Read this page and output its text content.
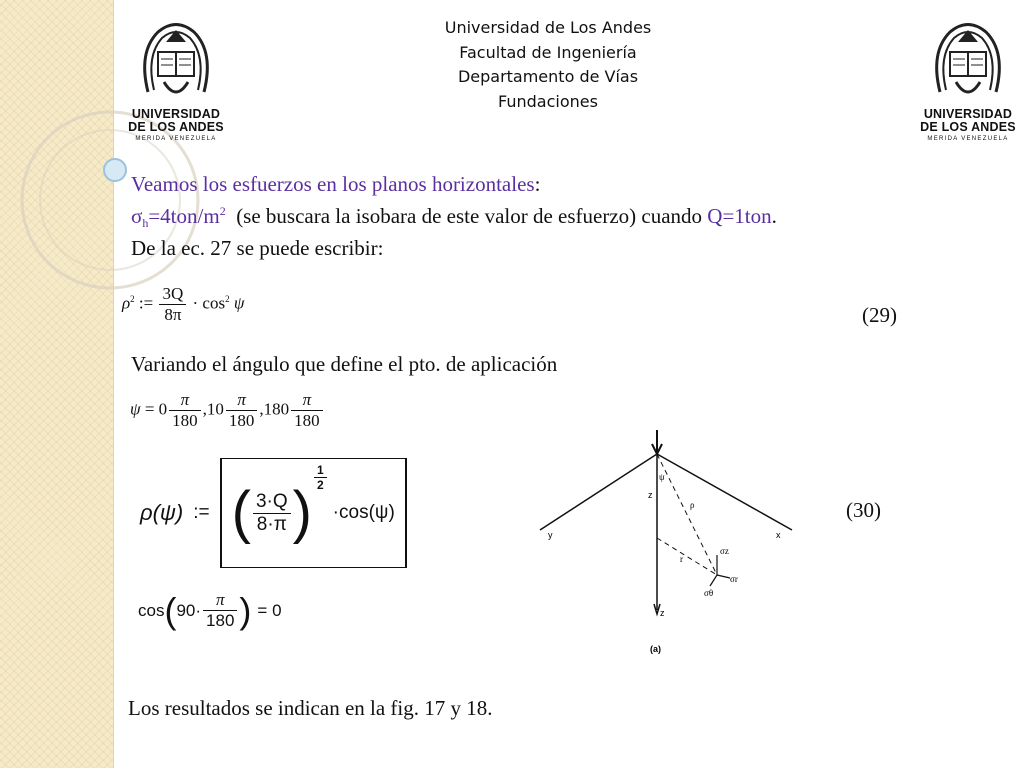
UNIVERSIDAD
DE LOS ANDES
MERIDA VENEZUELA
UNIVERSIDAD
DE LOS ANDES
MERIDA VENEZUELA
Universidad de Los Andes
Facultad de Ingeniería
Departamento de Vías
Fundaciones
Veamos los esfuerzos en los planos horizontales:
$\sigma_h=4ton/m^2$  (se buscara la isobara de este valor de esfuerzo) cuando Q=1ton.
De la ec. 27 se puede escribir:
$\rho^2$ := $\frac{3Q}{8\pi} \cdot \cos^2 \psi$
(29)
Variando el ángulo que define el pto. de aplicación
$\psi = 0 \frac{\pi}{180} ,10 \frac{\pi}{180} ,180 \frac{\pi}{180}$
ρ(ψ) := ( $\frac{3\cdot Q}{8\cdot\pi}$ )
$\frac{1}{2}$
·cos(ψ)
cos ( $90\cdot \frac{\pi}{180}$ ) = 0
(30)
ψ
z
ρ
r
y	x
σz
σr
σθ
z
(a)
Los resultados se indican en la fig. 17 y 18.
